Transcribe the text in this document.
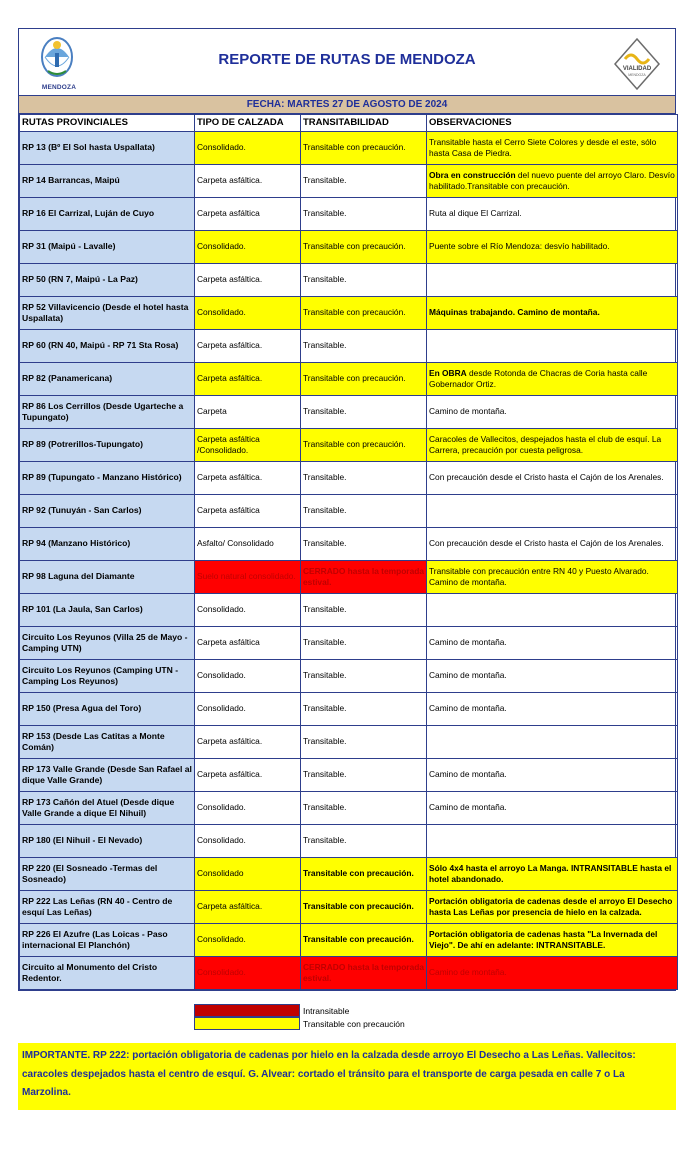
MENDOZA
REPORTE DE RUTAS DE MENDOZA
VIALIDAD
MENDOZA
FECHA: MARTES 27 DE AGOSTO DE 2024
RUTAS PROVINCIALES	TIPO DE CALZADA	TRANSITABILIDAD	OBSERVACIONES
RP 13 (Bº El Sol hasta Uspallata)	Consolidado.	Transitable con precaución.	Transitable hasta el Cerro Siete Colores y desde el este, sólo hasta Casa de Piedra.
RP 14 Barrancas, Maipú	Carpeta asfáltica.	Transitable.	Obra en construcción del nuevo puente del arroyo Claro. Desvío habilitado.Transitable con precaución.
RP 16 El Carrizal, Luján de Cuyo	Carpeta asfáltica	Transitable.	Ruta al dique El Carrizal.
RP 31 (Maipú - Lavalle)	Consolidado.	Transitable con precaución.	Puente sobre el Río Mendoza: desvío habilitado.
RP 50 (RN 7, Maipú - La Paz)	Carpeta asfáltica.	Transitable.	
RP 52 Villavicencio (Desde el hotel hasta Uspallata)	Consolidado.	Transitable con precaución.	Máquinas trabajando. Camino de montaña.
RP 60 (RN 40, Maipú - RP 71 Sta Rosa)	Carpeta asfáltica.	Transitable.	
RP 82 (Panamericana)	Carpeta asfáltica.	Transitable con precaución.	En OBRA desde Rotonda de Chacras de Coria hasta calle Gobernador Ortiz.
RP 86 Los Cerrillos (Desde Ugarteche a Tupungato)	Carpeta	Transitable.	Camino de montaña.
RP 89 (Potrerillos-Tupungato)	Carpeta asfáltica /Consolidado.	Transitable con precaución.	Caracoles de Vallecitos, despejados hasta el club de esquí. La Carrera, precaución por cuesta peligrosa.
RP 89 (Tupungato - Manzano Histórico)	Carpeta asfáltica.	Transitable.	Con precaución desde el Cristo hasta el Cajón de los Arenales.
RP 92 (Tunuyán - San Carlos)	Carpeta asfáltica	Transitable.	
RP 94 (Manzano Histórico)	Asfalto/ Consolidado	Transitable.	Con precaución desde el Cristo hasta el Cajón de los Arenales.
RP 98 Laguna del Diamante	Suelo natural consolidado.	CERRADO hasta la temporada estival.	Transitable con precaución entre RN 40 y Puesto Alvarado. Camino de montaña.
RP 101 (La Jaula, San Carlos)	Consolidado.	Transitable.	
Circuito Los Reyunos (Villa 25 de Mayo - Camping UTN)	Carpeta asfáltica	Transitable.	Camino de montaña.
Circuito Los Reyunos (Camping UTN - Camping Los Reyunos)	Consolidado.	Transitable.	Camino de montaña.
RP 150 (Presa Agua del Toro)	Consolidado.	Transitable.	Camino de montaña.
RP 153 (Desde Las Catitas a Monte Comán)	Carpeta asfáltica.	Transitable.	
RP 173 Valle Grande (Desde San Rafael al dique Valle Grande)	Carpeta asfáltica.	Transitable.	Camino de montaña.
RP 173 Cañón del Atuel (Desde dique Valle Grande a dique El Nihuil)	Consolidado.	Transitable.	Camino de montaña.
RP 180 (El Nihuil - El Nevado)	Consolidado.	Transitable.	
RP 220 (El Sosneado -Termas del Sosneado)	Consolidado	Transitable con precaución.	Sólo 4x4 hasta el arroyo La Manga. INTRANSITABLE hasta el hotel abandonado.
RP 222 Las Leñas (RN 40 - Centro de esquí Las Leñas)	Carpeta asfáltica.	Transitable con precaución.	Portación obligatoria de cadenas desde el arroyo El Desecho hasta Las Leñas por presencia de hielo en la calzada.
RP 226 El Azufre (Las Loicas - Paso internacional El Planchón)	Consolidado.	Transitable con precaución.	Portación obligatoria de cadenas hasta "La Invernada del Viejo". De ahí en adelante: INTRANSITABLE.
Circuito al Monumento del Cristo Redentor.	Consolidado.	CERRADO hasta la temporada estival.	Camino de montaña.
Intransitable
Transitable con precaución
IMPORTANTE. RP 222: portación obligatoria de cadenas por hielo en la calzada desde arroyo El Desecho a Las Leñas. Vallecitos: caracoles despejados hasta el centro de esquí. G. Alvear: cortado el tránsito para el transporte de carga pesada en calle 7 o La Marzolina.
